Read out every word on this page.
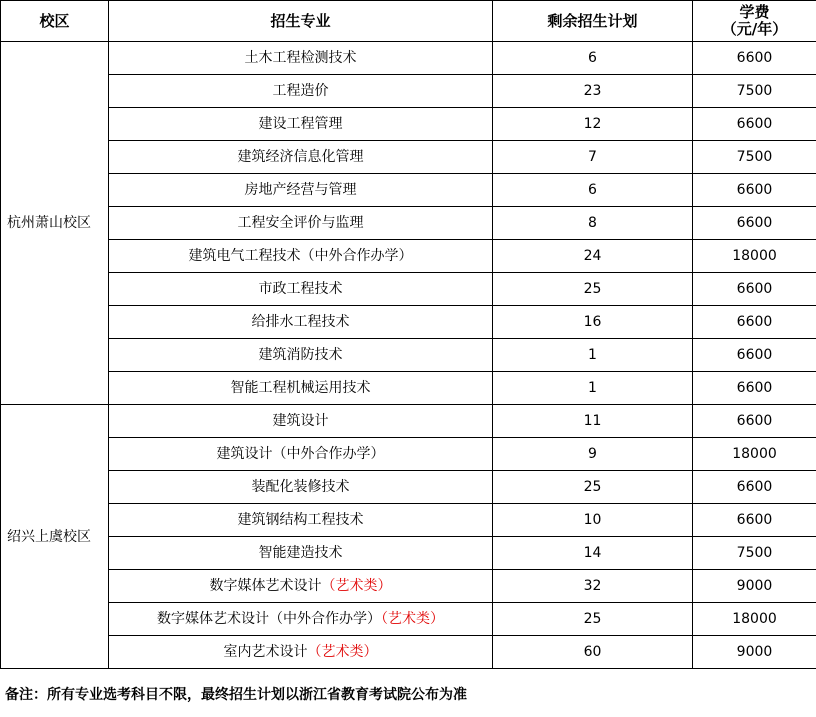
校区	招生专业	剩余招生计划	学费
（元/年）

杭州萧山校区	土木工程检测技术	6	6600
	工程造价	23	7500
	建设工程管理	12	6600
	建筑经济信息化管理	7	7500
	房地产经营与管理	6	6600
	工程安全评价与监理	8	6600
	建筑电气工程技术（中外合作办学）	24	18000
	市政工程技术	25	6600
	给排水工程技术	16	6600
	建筑消防技术	1	6600
	智能工程机械运用技术	1	6600
绍兴上虞校区	建筑设计	11	6600
	建筑设计（中外合作办学）	9	18000
	装配化装修技术	25	6600
	建筑钢结构工程技术	10	6600
	智能建造技术	14	7500
	数字媒体艺术设计（艺术类）	32	9000
	数字媒体艺术设计（中外合作办学）（艺术类）	25	18000
	室内艺术设计（艺术类）	60	9000
备注：所有专业选考科目不限，最终招生计划以浙江省教育考试院公布为准
